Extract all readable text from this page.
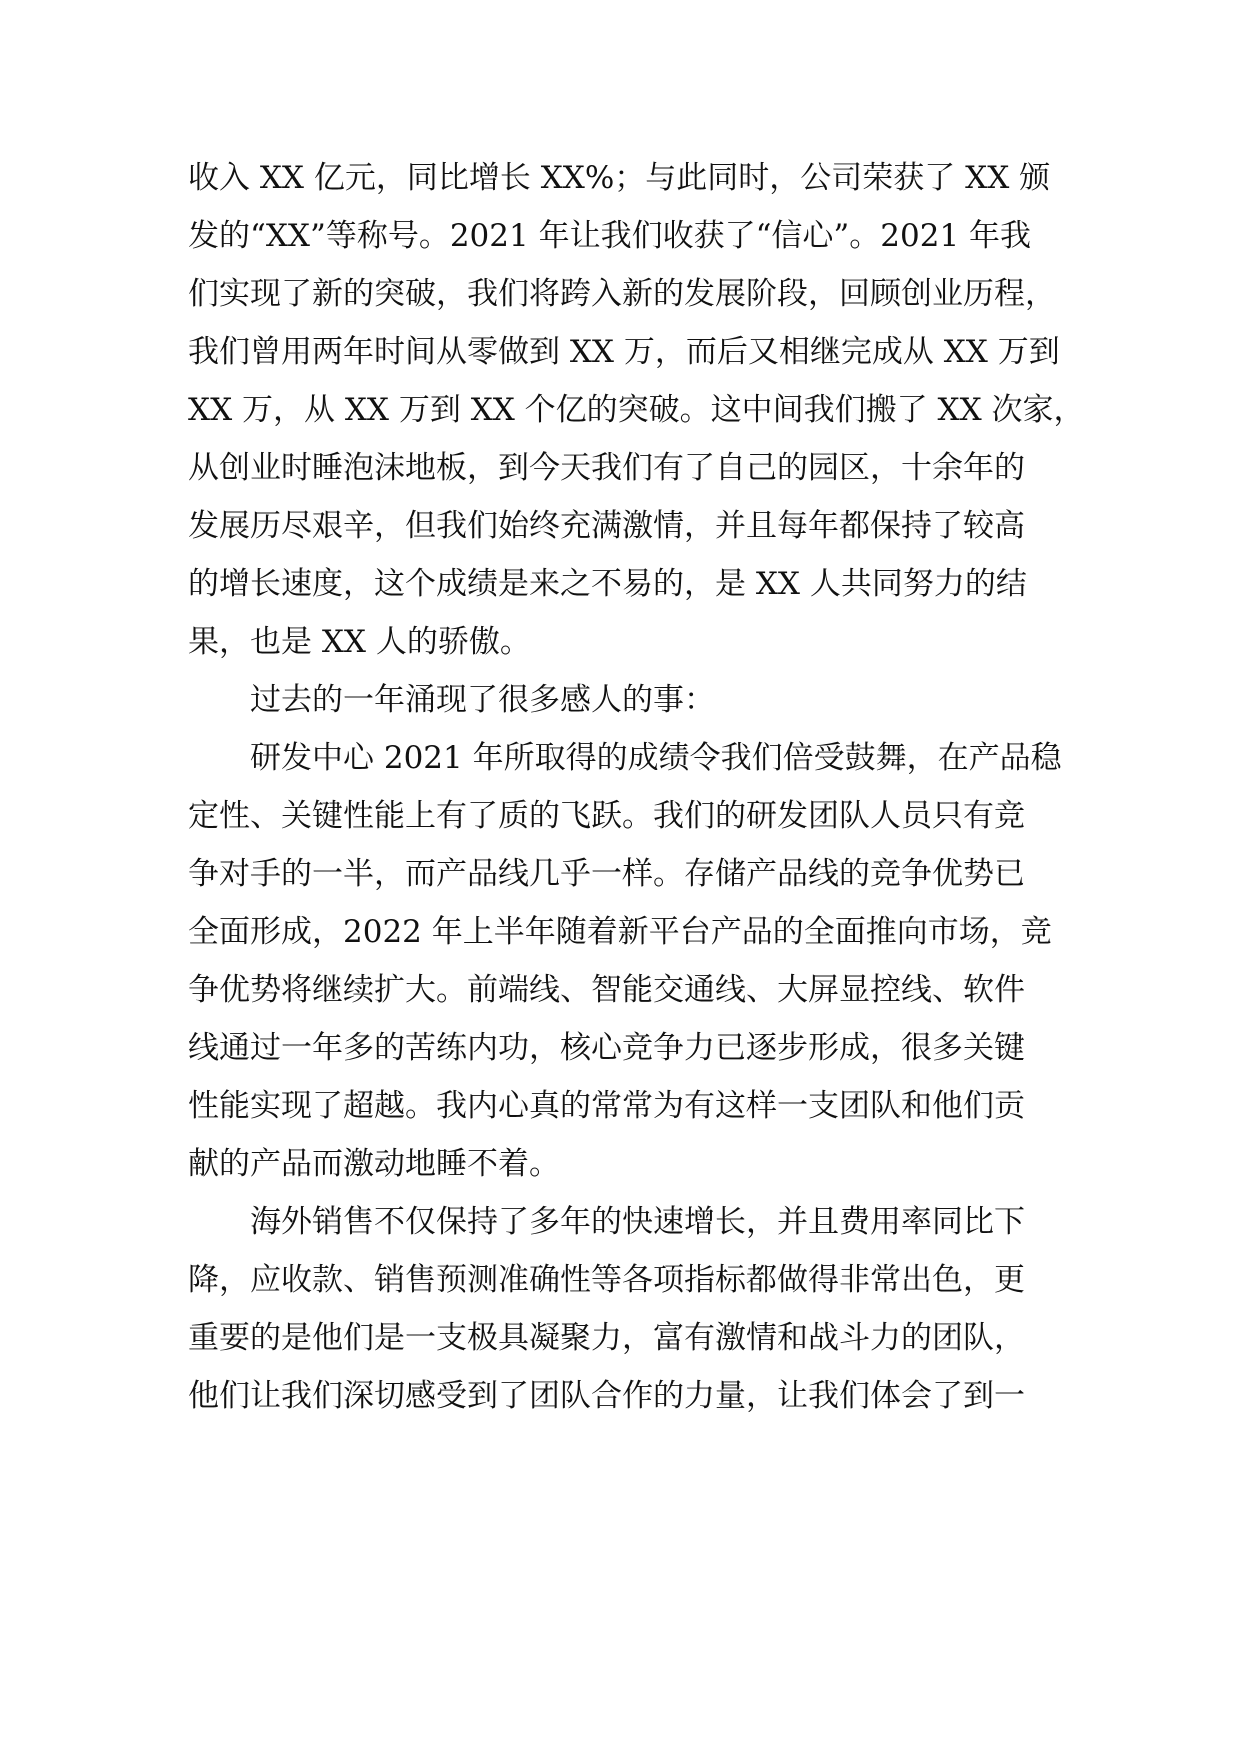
收入 XX 亿元，同比增长 XX%；与此同时，公司荣获了 XX 颁
发的“XX”等称号。2021 年让我们收获了“信心”。2021 年我
们实现了新的突破，我们将跨入新的发展阶段，回顾创业历程，
我们曾用两年时间从零做到 XX 万，而后又相继完成从 XX 万到
XX 万，从 XX 万到 XX 个亿的突破。这中间我们搬了 XX 次家，
从创业时睡泡沫地板，到今天我们有了自己的园区，十余年的
发展历尽艰辛，但我们始终充满激情，并且每年都保持了较高
的增长速度，这个成绩是来之不易的，是 XX 人共同努力的结
果，也是 XX 人的骄傲。
过去的一年涌现了很多感人的事：
研发中心 2021 年所取得的成绩令我们倍受鼓舞，在产品稳
定性、关键性能上有了质的飞跃。我们的研发团队人员只有竞
争对手的一半，而产品线几乎一样。存储产品线的竞争优势已
全面形成，2022 年上半年随着新平台产品的全面推向市场，竞
争优势将继续扩大。前端线、智能交通线、大屏显控线、软件
线通过一年多的苦练内功，核心竞争力已逐步形成，很多关键
性能实现了超越。我内心真的常常为有这样一支团队和他们贡
献的产品而激动地睡不着。
海外销售不仅保持了多年的快速增长，并且费用率同比下
降，应收款、销售预测准确性等各项指标都做得非常出色，更
重要的是他们是一支极具凝聚力，富有激情和战斗力的团队，
他们让我们深切感受到了团队合作的力量，让我们体会了到一
